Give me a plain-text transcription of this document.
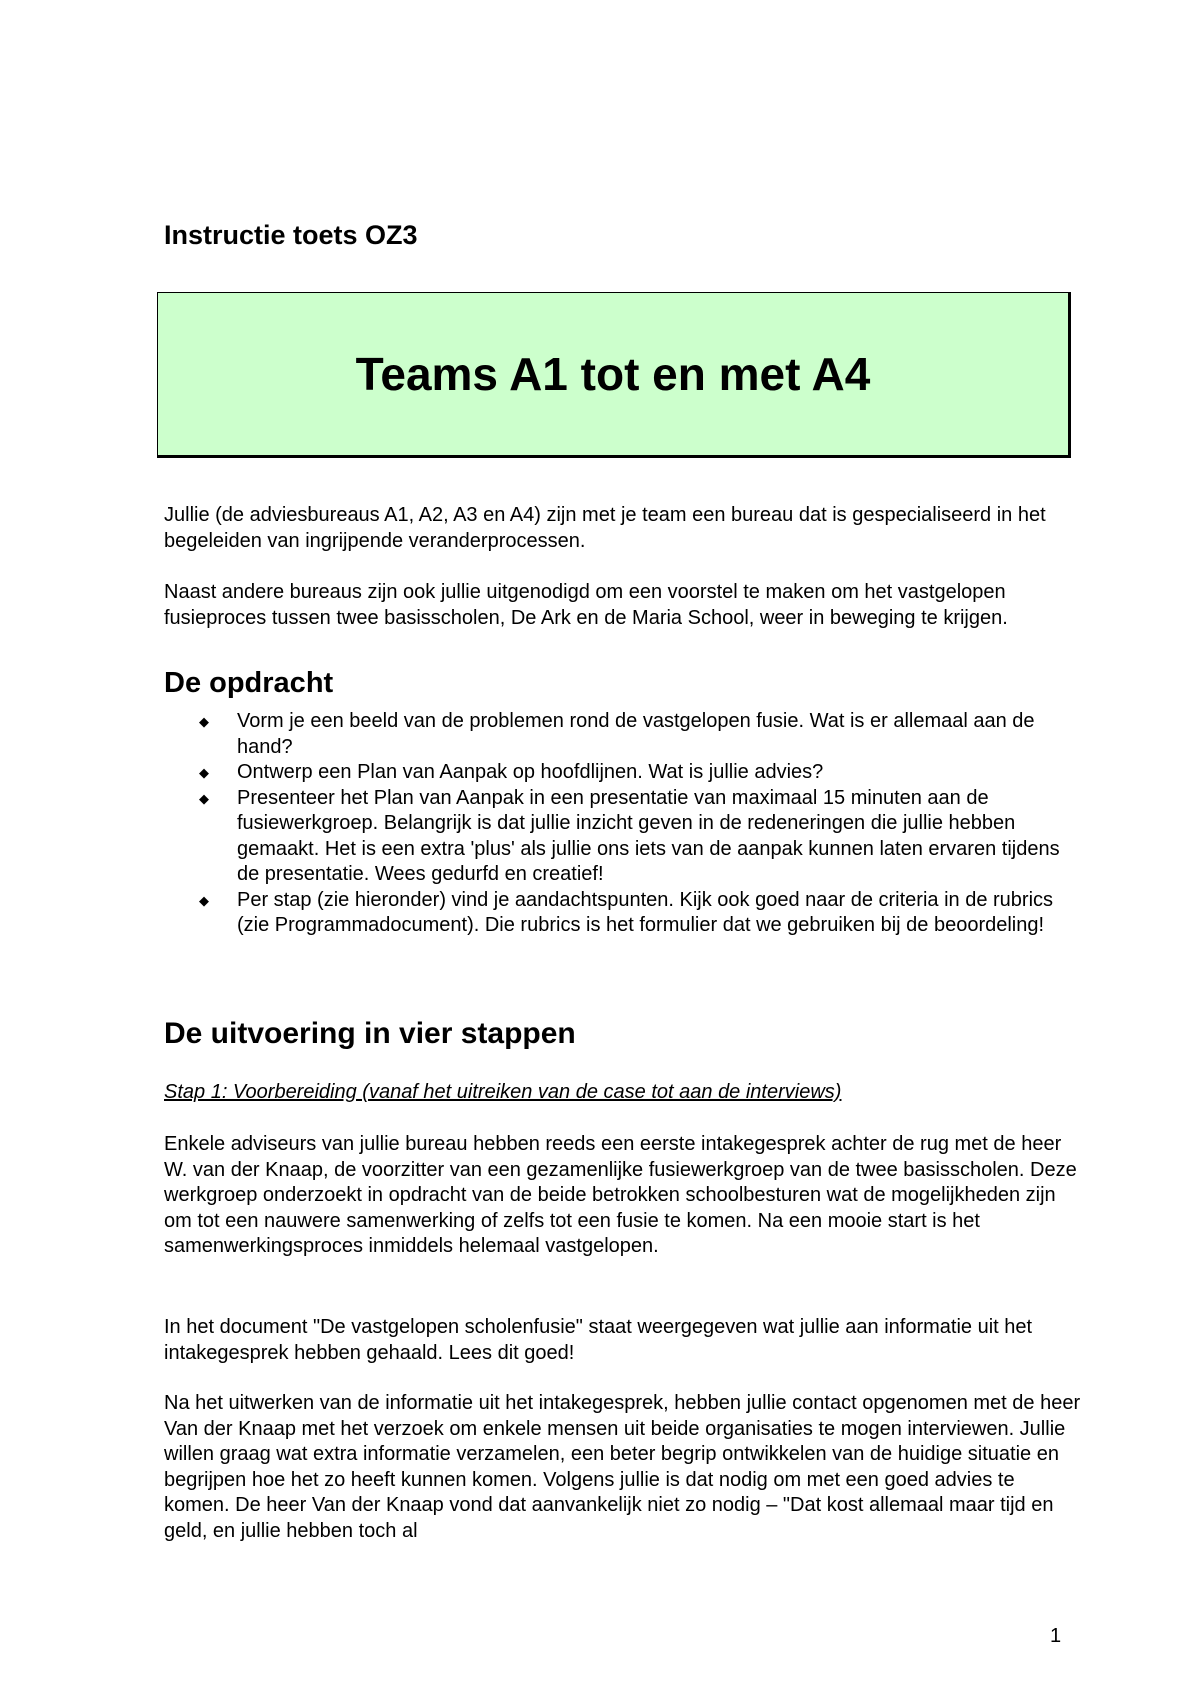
Instructie toets OZ3
Teams A1 tot en met A4

Jullie (de adviesbureaus A1, A2, A3 en A4) zijn met je team een bureau dat is gespecialiseerd in het begeleiden van ingrijpende veranderprocessen.

Naast andere bureaus zijn ook jullie uitgenodigd om een voorstel te maken om het vastgelopen fusieproces tussen twee basisscholen, De Ark en de Maria School, weer in beweging te krijgen.

De opdracht
◆ Vorm je een beeld van de problemen rond de vastgelopen fusie. Wat is er allemaal aan de hand?
◆ Ontwerp een Plan van Aanpak op hoofdlijnen. Wat is jullie advies?
◆ Presenteer het Plan van Aanpak in een presentatie van maximaal 15 minuten aan de fusiewerkgroep. Belangrijk is dat jullie inzicht geven in de redeneringen die jullie hebben gemaakt. Het is een extra 'plus' als jullie ons iets van de aanpak kunnen laten ervaren tijdens de presentatie. Wees gedurfd en creatief!
◆ Per stap (zie hieronder) vind je aandachtspunten. Kijk ook goed naar de criteria in de rubrics (zie Programmadocument). Die rubrics is het formulier dat we gebruiken bij de beoordeling!
De uitvoering in vier stappen

Stap 1: Voorbereiding (vanaf het uitreiken van de case tot aan de interviews)

Enkele adviseurs van jullie bureau hebben reeds een eerste intakegesprek achter de rug met de heer W. van der Knaap, de voorzitter van een gezamenlijke fusiewerkgroep van de twee basisscholen. Deze werkgroep onderzoekt in opdracht van de beide betrokken schoolbesturen wat de mogelijkheden zijn om tot een nauwere samenwerking of zelfs tot een fusie te komen. Na een mooie start is het samenwerkingsproces inmiddels helemaal vastgelopen.

In het document "De vastgelopen scholenfusie" staat weergegeven wat jullie aan informatie uit het intakegesprek hebben gehaald. Lees dit goed!

Na het uitwerken van de informatie uit het intakegesprek, hebben jullie contact opgenomen met de heer Van der Knaap met het verzoek om enkele mensen uit beide organisaties te mogen interviewen. Jullie willen graag wat extra informatie verzamelen, een beter begrip ontwikkelen van de huidige situatie en begrijpen hoe het zo heeft kunnen komen. Volgens jullie is dat nodig om met een goed advies te komen. De heer Van der Knaap vond dat aanvankelijk niet zo nodig – "Dat kost allemaal maar tijd en geld, en jullie hebben toch al

1
